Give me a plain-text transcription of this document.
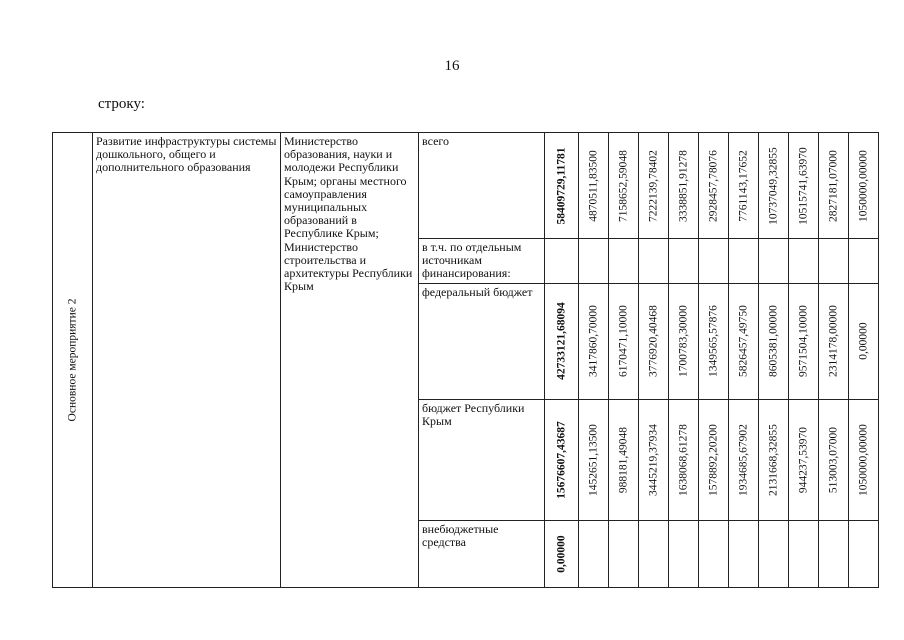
16
строку:
Основное мероприятие 2	Развитие инфраструктуры системы дошкольного, общего и дополнительного образования	Министерство образования, науки и молодежи Республики Крым; органы местного самоуправления муниципальных образований в Республике Крым; Министерство строительства и архитектуры Республики Крым	всего	58409729,11781	4870511,83500	7158652,59048	7222139,78402	3338851,91278	2928457,78076	7761143,17652	10737049,32855	10515741,63970	2827181,07000	1050000,00000

			в т.ч. по отдельным источникам финансирования:	

			федеральный бюджет	42733121,68094	3417860,70000	6170471,10000	3776920,40468	1700783,30000	1349565,57876	5826457,49750	8605381,00000	9571504,10000	2314178,00000	0,00000

			бюджет Республики Крым	15676607,43687	1452651,13500	988181,49048	3445219,37934	1638068,61278	1578892,20200	1934685,67902	2131668,32855	944237,53970	513003,07000	1050000,00000

			внебюджетные средства	0,00000										
